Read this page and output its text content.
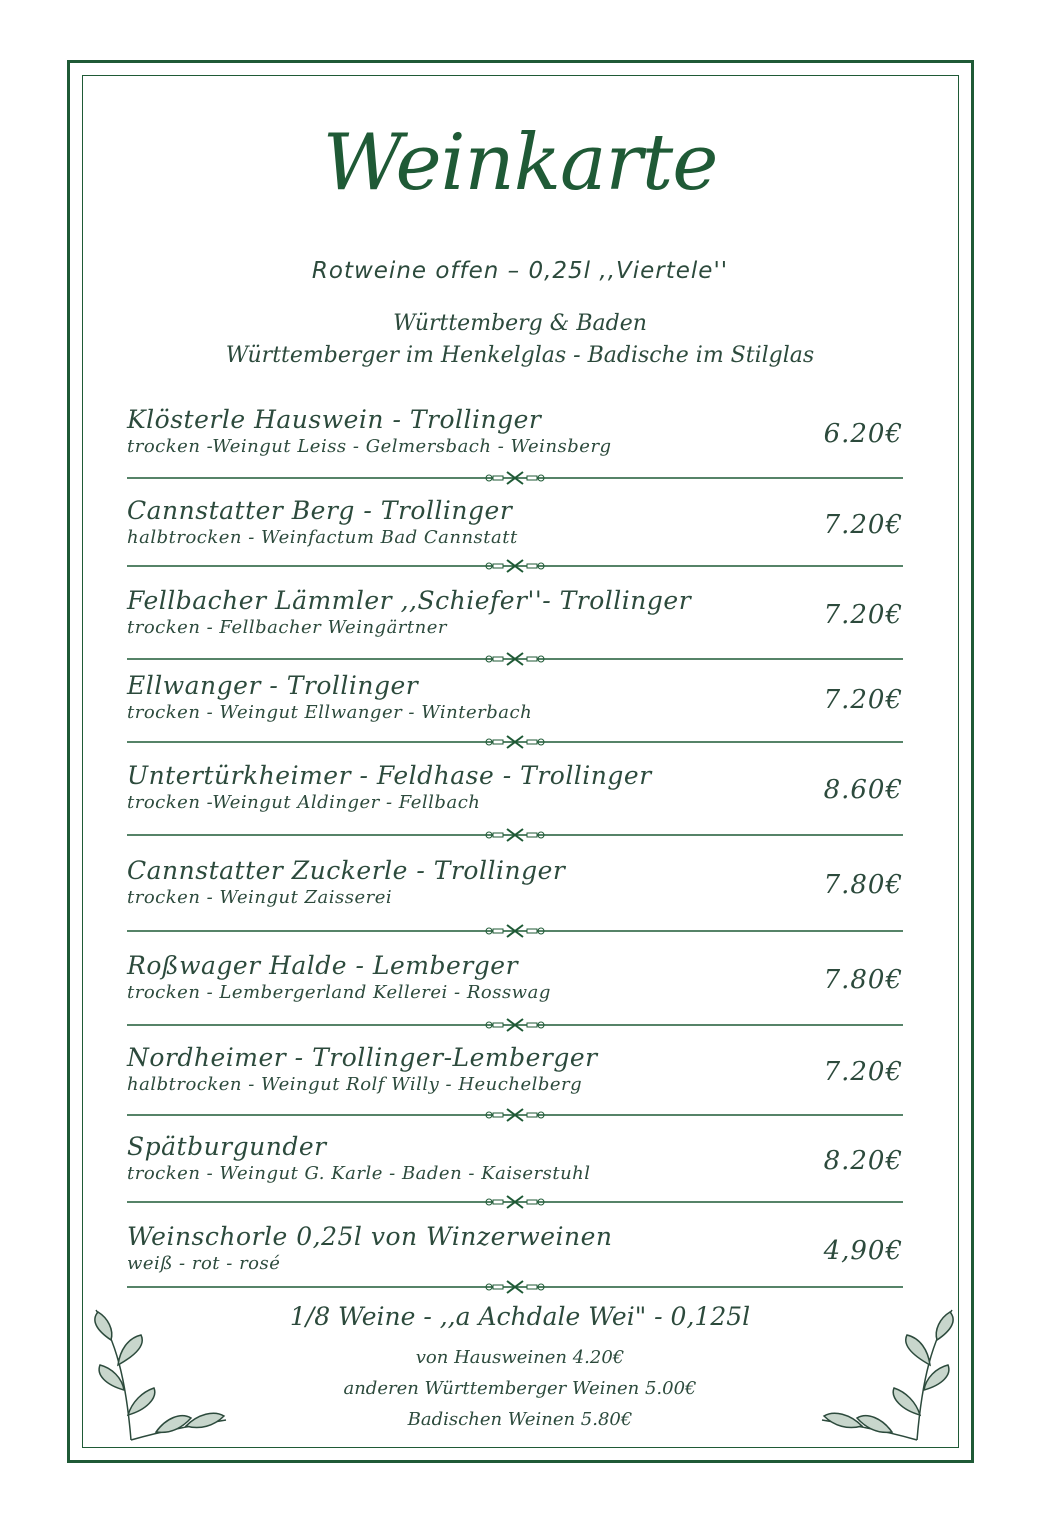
Weinkarte
Rotweine offen – 0,25l ,,Viertele''
Württemberg & Baden
Württemberger im Henkelglas - Badische im Stilglas
Klösterle Hauswein - Trollinger
trocken -Weingut Leiss - Gelmersbach - Weinsberg	6.20€
Cannstatter Berg - Trollinger
halbtrocken - Weinfactum Bad Cannstatt	7.20€
Fellbacher Lämmler ,,Schiefer''- Trollinger
trocken - Fellbacher Weingärtner	7.20€
Ellwanger - Trollinger
trocken - Weingut Ellwanger - Winterbach	7.20€
Untertürkheimer - Feldhase - Trollinger
trocken -Weingut Aldinger - Fellbach	8.60€
Cannstatter Zuckerle - Trollinger
trocken - Weingut Zaisserei	7.80€
Roßwager Halde - Lemberger
trocken - Lembergerland Kellerei - Rosswag	7.80€
Nordheimer - Trollinger-Lemberger
halbtrocken - Weingut Rolf Willy - Heuchelberg	7.20€
Spätburgunder
trocken - Weingut G. Karle - Baden - Kaiserstuhl	8.20€
Weinschorle 0,25l von Winzerweinen
weiß - rot - rosé	4,90€
1/8 Weine - ,,a Achdale Wei" - 0,125l
von Hausweinen 4.20€
anderen Württemberger Weinen 5.00€
Badischen Weinen 5.80€
